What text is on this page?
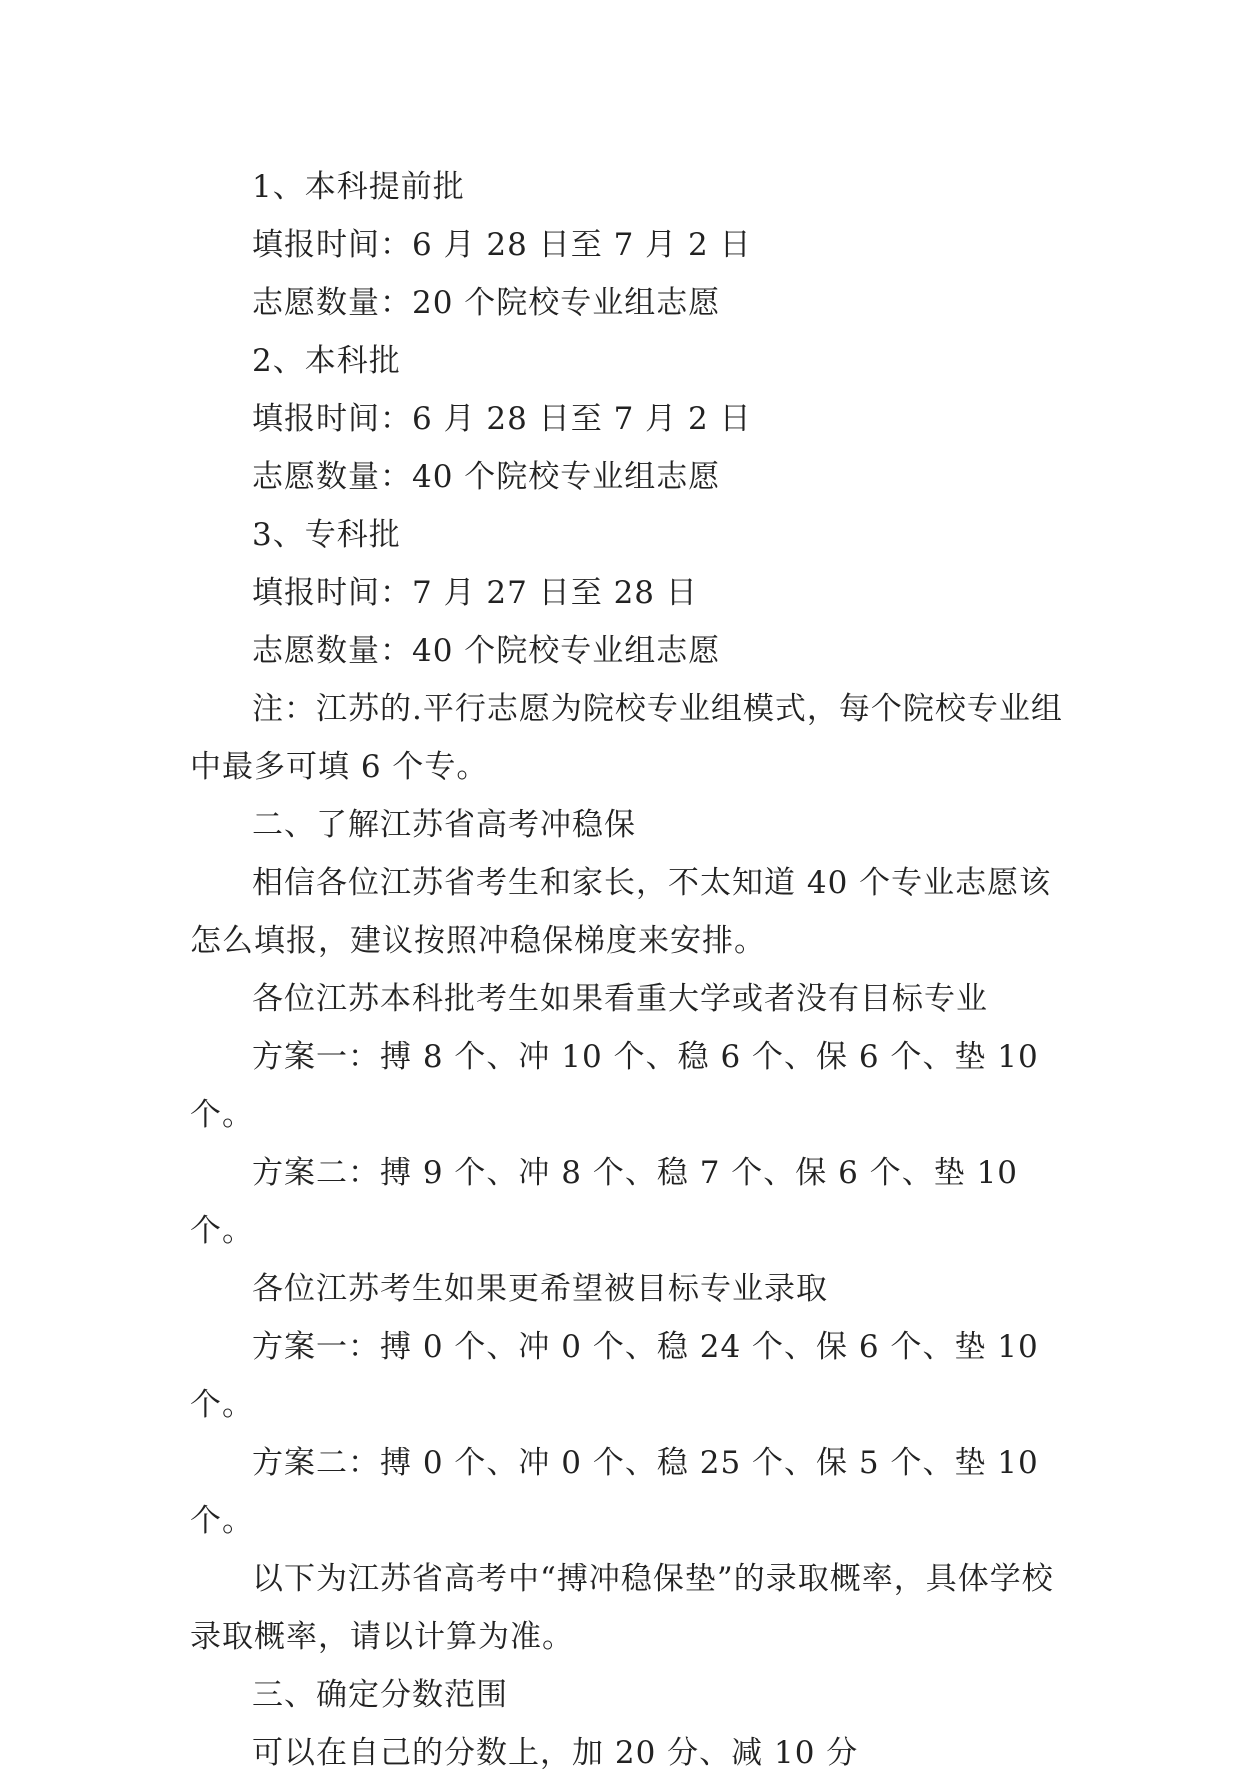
1、本科提前批

填报时间：6 月 28 日至 7 月 2 日

志愿数量：20 个院校专业组志愿

2、本科批

填报时间：6 月 28 日至 7 月 2 日

志愿数量：40 个院校专业组志愿

3、专科批

填报时间：7 月 27 日至 28 日

志愿数量：40 个院校专业组志愿

注：江苏的.平行志愿为院校专业组模式，每个院校专业组中最多可填 6 个专。

二、了解江苏省高考冲稳保

相信各位江苏省考生和家长，不太知道 40 个专业志愿该怎么填报，建议按照冲稳保梯度来安排。

各位江苏本科批考生如果看重大学或者没有目标专业

方案一：搏 8 个、冲 10 个、稳 6 个、保 6 个、垫 10 个。

方案二：搏 9 个、冲 8 个、稳 7 个、保 6 个、垫 10 个。

各位江苏考生如果更希望被目标专业录取

方案一：搏 0 个、冲 0 个、稳 24 个、保 6 个、垫 10 个。

方案二：搏 0 个、冲 0 个、稳 25 个、保 5 个、垫 10 个。

以下为江苏省高考中“搏冲稳保垫”的录取概率，具体学校录取概率，请以计算为准。

三、确定分数范围

可以在自己的分数上，加 20 分、减 10 分
